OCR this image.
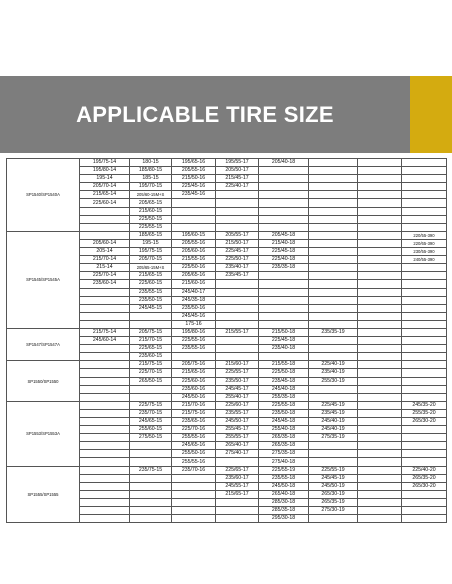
APPLICABLE TIRE SIZE
SP1540/SP1540A	195/75-14	180-15	195/65-16	195/55-17	205/40-18			
	195/80-14	185/80-15	205/55-16	205/50-17				
	195-14	185-15	215/50-16	215/45-17				
	205/70-14	195/70-15	225/45-16	225/40-17				
	215/65-14	205/60-15M+S	235/45-16					
	225/60-14	205/65-15						
		215/60-15						
		225/50-15						
		225/55-15						
SP1545/SP1545A		185/65-15	195/60-15	205/55-17	205/45-18			220/55-390
	205/60-14	195-15	205/55-16	215/50-17	215/40-18			220/65-390
	205-14	195/75-15	205/60-16	225/45-17	225/45-18			230/55-390
	215/70-14	205/70-15	215/55-16	225/50-17	225/40-18			240/55-390
	215-14	205/65-15M+S	225/50-16	235/40-17	235/35-18			
	225/70-14	215/65-15	205/65-16	235/45-17				
	235/60-14	225/60-15	215/60-16					
		235/55-15	245/40-17					
		235/50-15	245/35-18					
		245/45-15	235/50-16					
			245/45-16					
			175-16					
SP1547/SP1547A	215/75-14	205/75-15	195/80-16	215/55-17	215/50-18	235/35-19		
	245/60-14	215/70-15	225/55-16		225/45-18			
		225/65-15	235/55-16		235/40-18			
		235/60-15						
SP1550/SP1550		215/75-15	205/75-16	215/60-17	215/55-18	225/40-19		
		225/70-15	215/65-16	225/55-17	225/50-18	235/40-19		
		265/50-15	225/60-16	235/50-17	235/45-18	255/30-19		
			235/60-16	245/45-17	245/40-18			
			245/50-16	255/40-17	255/35-18			
SP1553/SP1553A		225/75-15	215/70-16	225/60-17	225/55-18	225/45-19		245/35-20
		235/70-15	215/75-16	235/55-17	235/50-18	235/45-19		255/35-20
		245/65-15	235/65-16	245/50-17	245/45-18	245/40-19		265/30-20
		255/60-15	225/70-16	255/45-17	255/40-18	245/40-19		
		275/50-15	255/55-16	255/55-17	265/35-18	275/35-19		
			245/65-16	265/40-17	265/35-18			
			255/50-16	275/40-17	275/35-18			
			255/55-16		275/40-18			
SP1555/SP1555		235/75-15	235/70-16	225/65-17	225/55-19	225/55-19		225/40-20
				235/60-17	235/55-18	245/45-19		265/35-20
				245/55-17	245/50-18	245/50-19		265/30-20
				215/65-17	265/40-18	265/30-19		
					285/30-18	265/35-19		
					285/35-18	275/30-19		
					295/30-18			
